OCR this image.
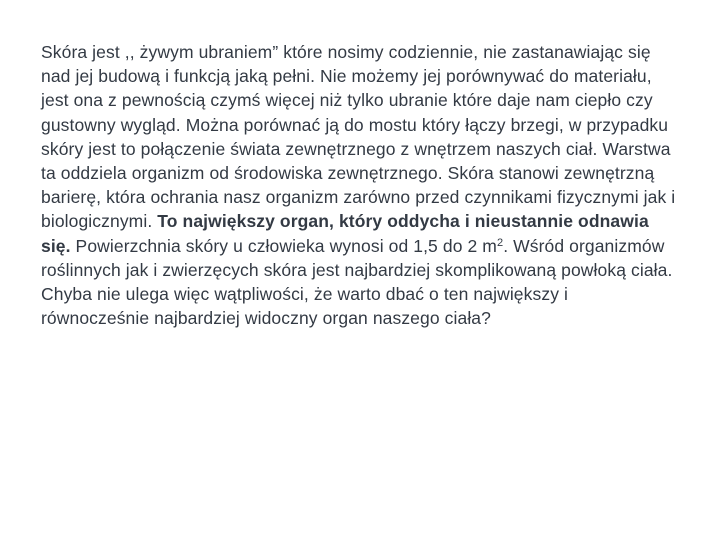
Skóra jest ,, żywym ubraniem” które nosimy codziennie, nie zastanawiając się nad jej budową i funkcją jaką pełni. Nie możemy jej porównywać do materiału, jest ona z pewnością czymś więcej niż tylko ubranie które daje nam ciepło czy gustowny wygląd. Można porównać ją do mostu który łączy brzegi, w przypadku skóry jest to połączenie świata zewnętrznego z wnętrzem naszych ciał. Warstwa ta oddziela organizm od środowiska zewnętrznego. Skóra stanowi zewnętrzną barierę, która ochrania nasz organizm zarówno przed czynnikami fizycznymi jak i biologicznymi. To największy organ, który oddycha i nieustannie odnawia się. Powierzchnia skóry u człowieka wynosi od 1,5 do 2 $m^2$. Wśród organizmów roślinnych jak i zwierzęcych skóra jest najbardziej skomplikowaną powłoką ciała.

Chyba nie ulega więc wątpliwości, że warto dbać o ten największy i równocześnie najbardziej widoczny organ naszego ciała?
